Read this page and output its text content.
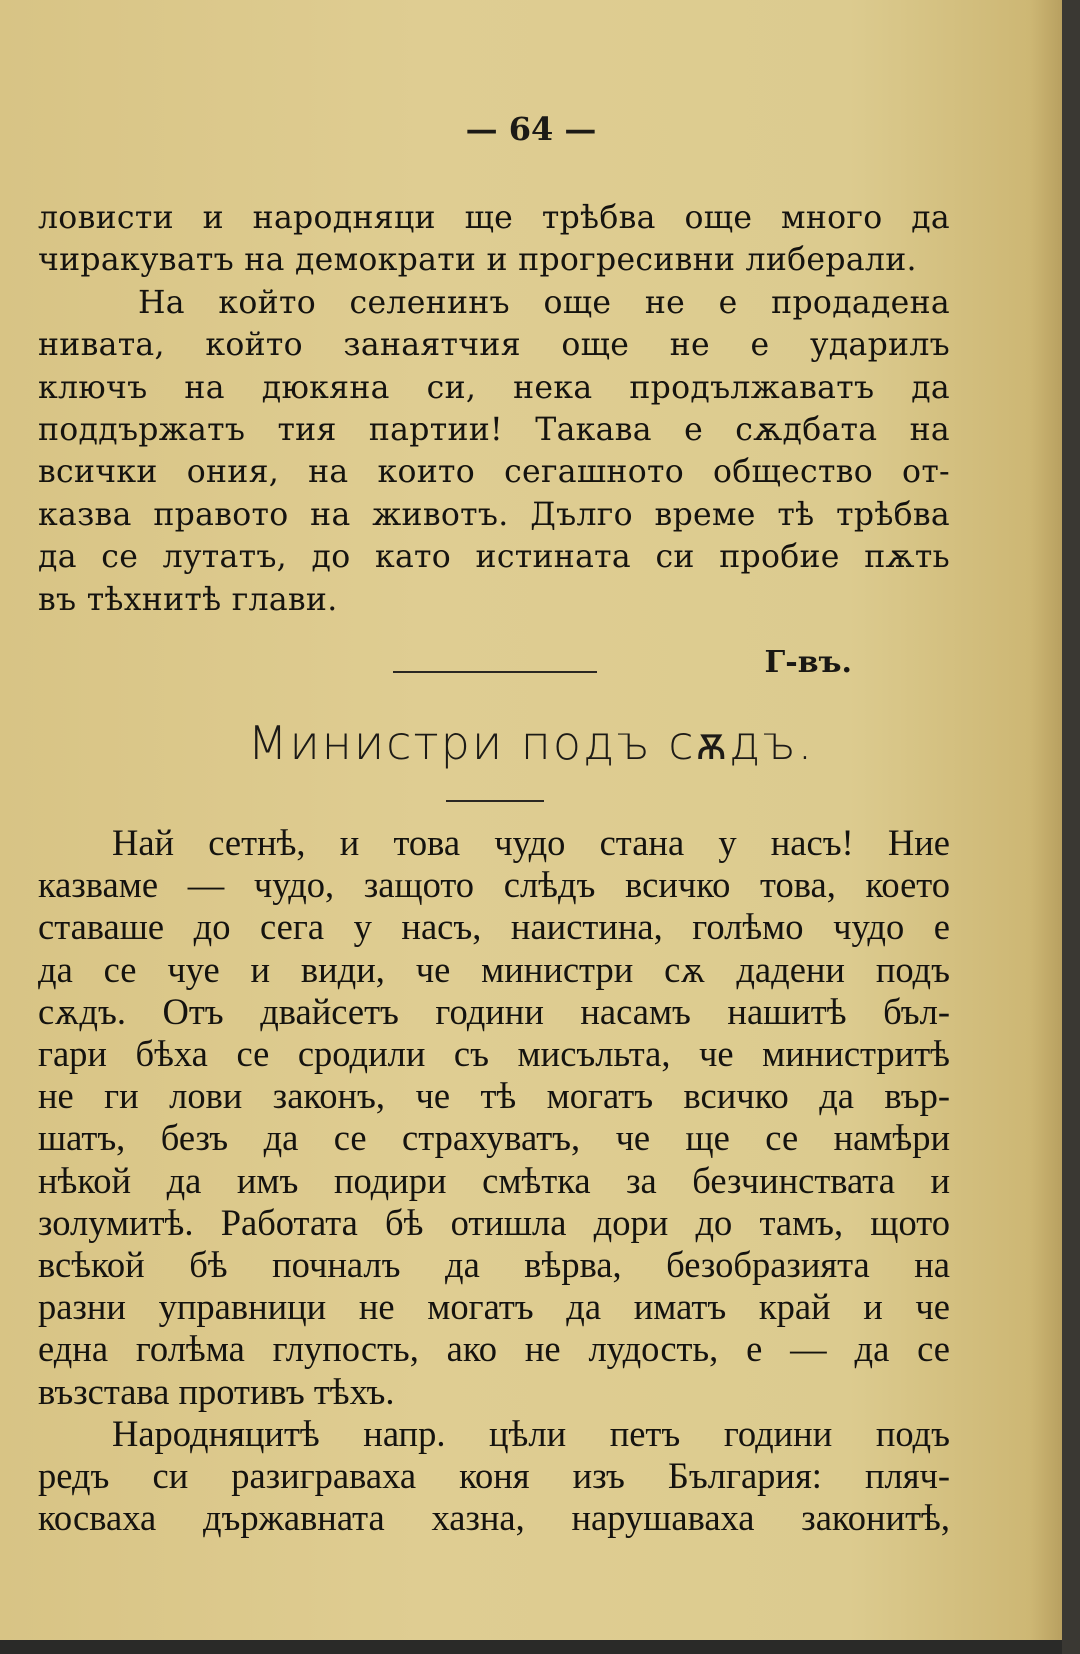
— 64 —
ловисти и народняци ще трѣбва още много да
чиракуватъ на демократи и прогресивни либерали.
На който селенинъ още не е продадена
нивата, който занаятчия още не е ударилъ
ключъ на дюкяна си, нека продължаватъ да
поддържатъ тия партии! Такава е сѫдбата на
всички ония, на които сегашното общество от-
казва правото на животъ. Дълго време тѣ трѣбва
да се лутатъ, до като истината си пробие пѫть
въ тѣхнитѣ глави.
Г-въ.
Министри подъ сѫдъ.
Най сетнѣ, и това чудо стана у насъ! Ние
казваме — чудо, защото слѣдъ всичко това, което
ставаше до сега у насъ, наистина, голѣмо чудо е
да се чуе и види, че министри сѫ дадени подъ
сѫдъ. Отъ двайсетъ години насамъ нашитѣ бъл-
гари бѣха се сродили съ мисъльта, че министритѣ
не ги лови законъ, че тѣ могатъ всичко да вър-
шатъ, безъ да се страхуватъ, че ще се намѣри
нѣкой да имъ подири смѣтка за безчинствата и
золумитѣ. Работата бѣ отишла дори до тамъ, щото
всѣкой бѣ почналъ да вѣрва, безобразията на
разни управници не могатъ да иматъ край и че
една голѣма глупость, ако не лудость, е — да се
възстава противъ тѣхъ.
Народняцитѣ напр. цѣли петъ години подъ
редъ си разиграваха коня изъ България: пляч-
косваха държавната хазна, нарушаваха законитѣ,
